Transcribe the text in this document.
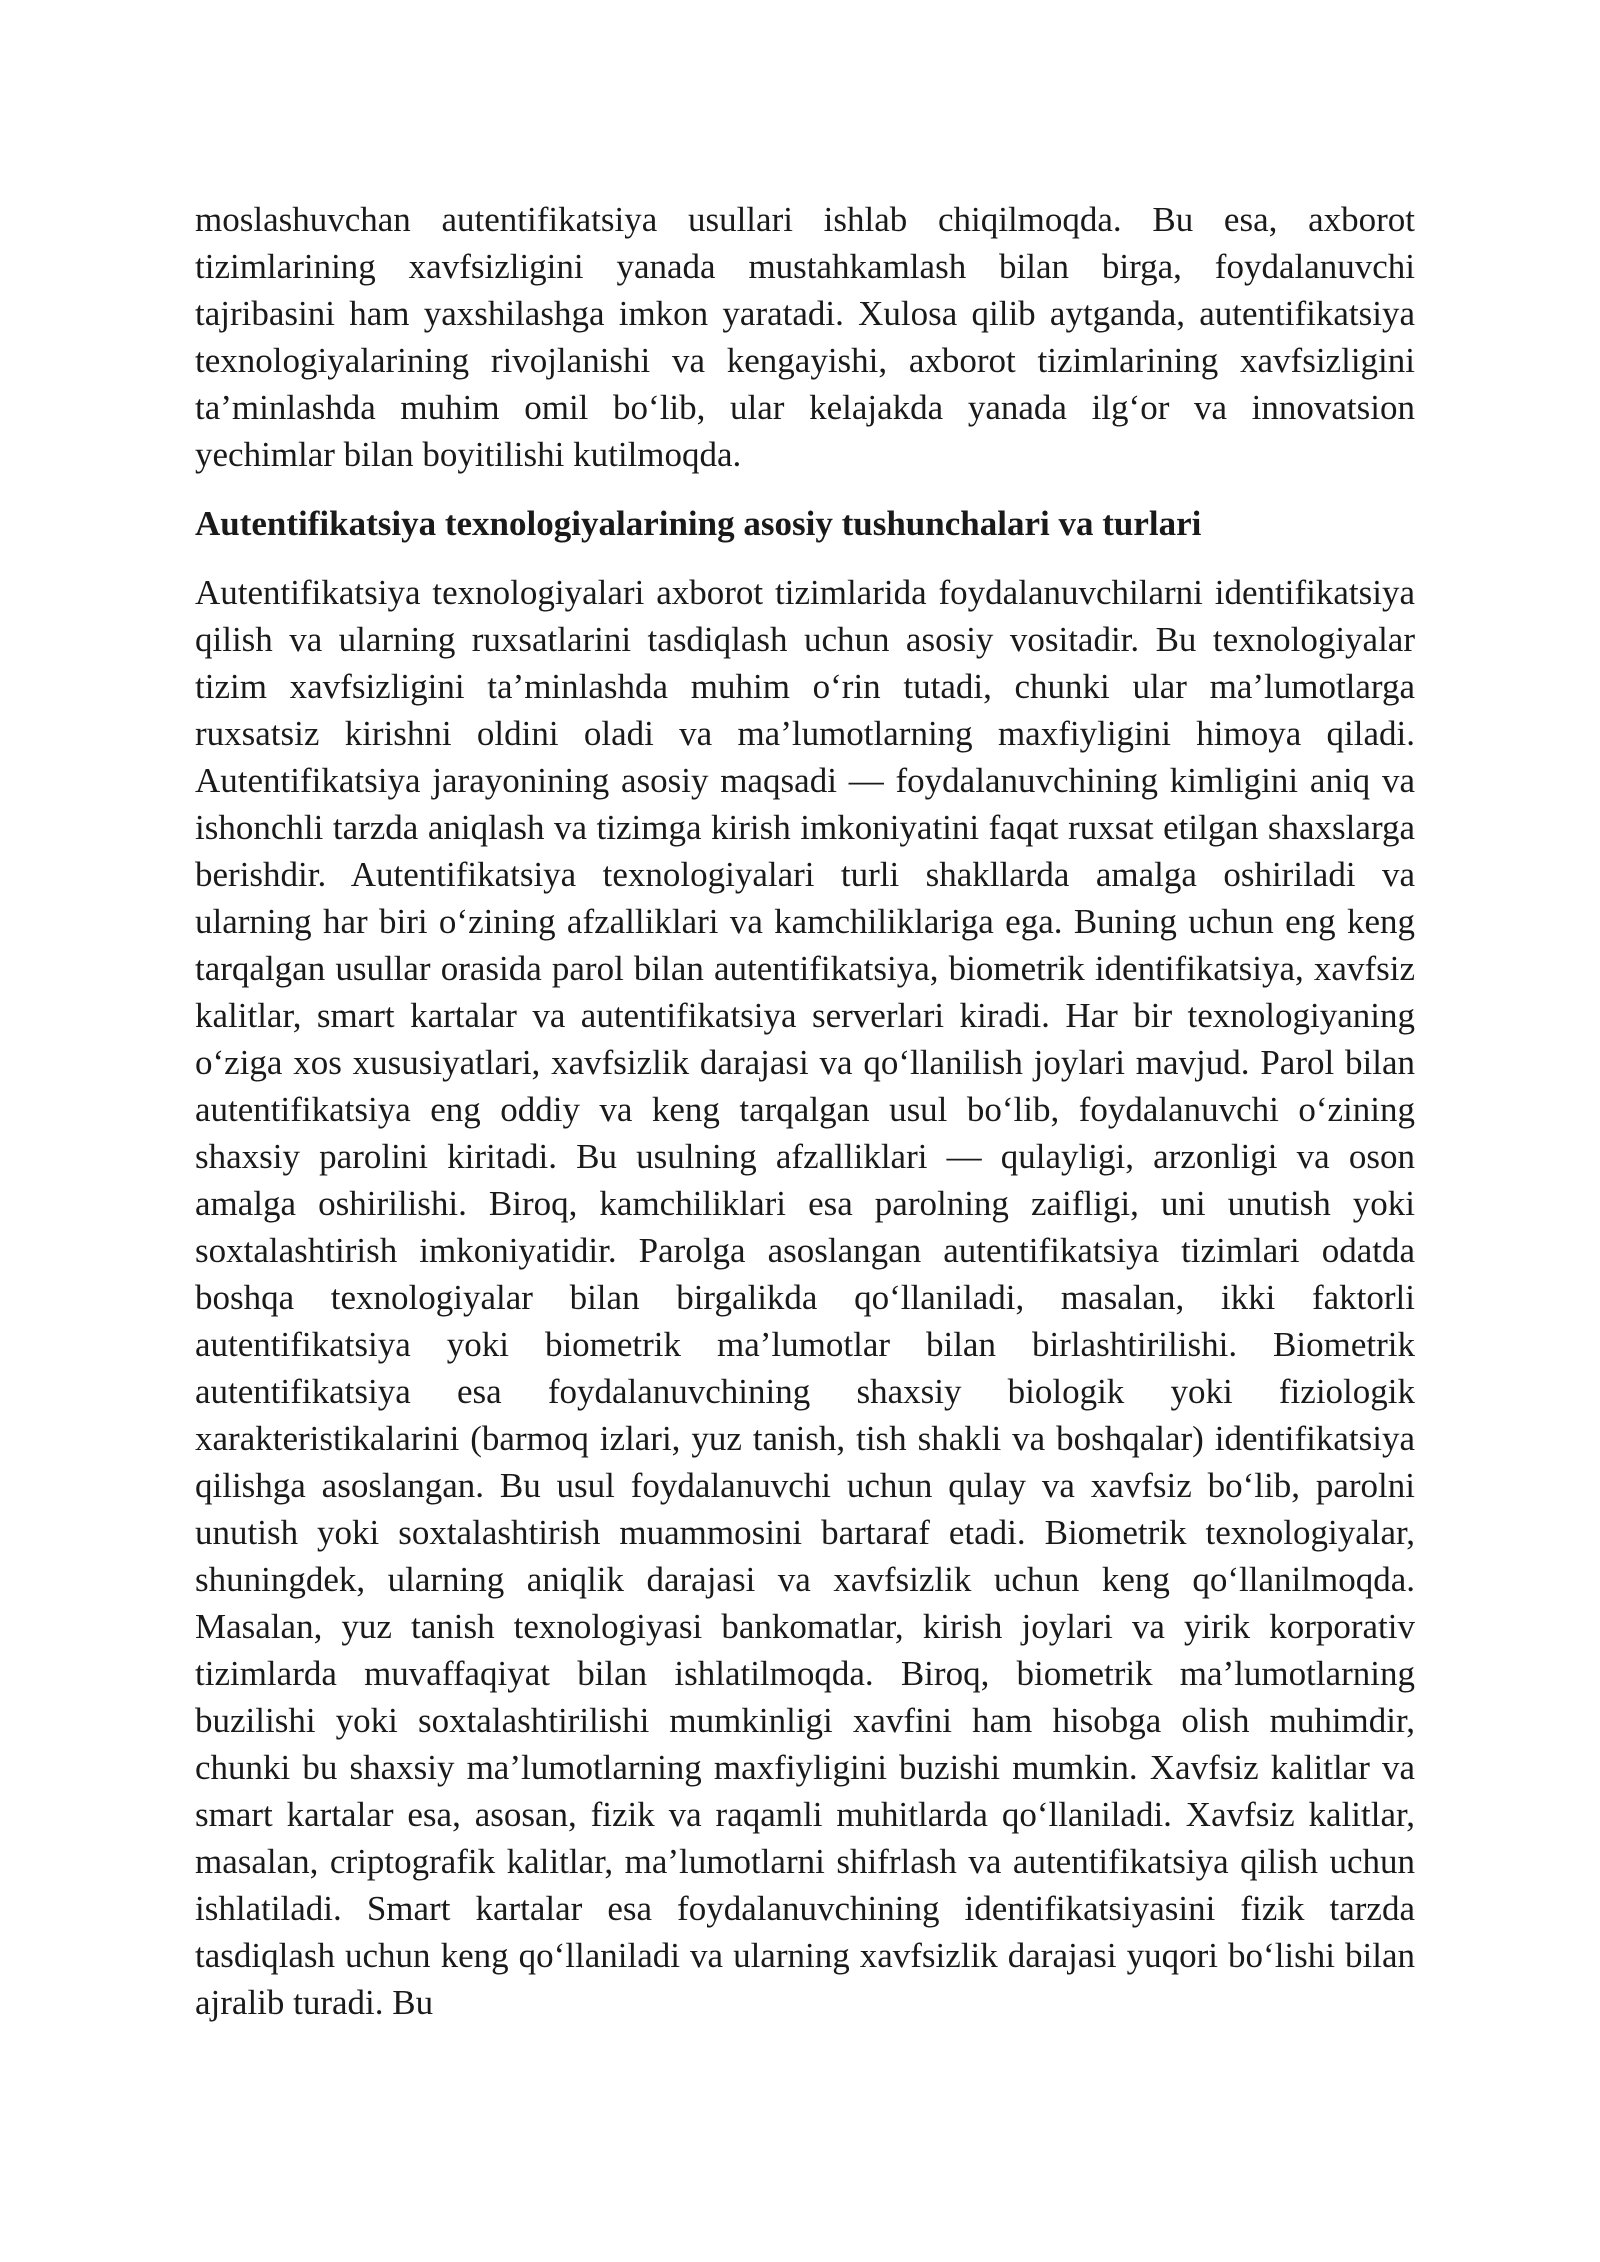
moslashuvchan autentifikatsiya usullari ishlab chiqilmoqda. Bu esa, axborot tizimlarining xavfsizligini yanada mustahkamlash bilan birga, foydalanuvchi tajribasini ham yaxshilashga imkon yaratadi. Xulosa qilib aytganda, autentifikatsiya texnologiyalarining rivojlanishi va kengayishi, axborot tizimlarining xavfsizligini ta’minlashda muhim omil bo‘lib, ular kelajakda yanada ilg‘or va innovatsion yechimlar bilan boyitilishi kutilmoqda.

Autentifikatsiya texnologiyalarining asosiy tushunchalari va turlari

Autentifikatsiya texnologiyalari axborot tizimlarida foydalanuvchilarni identifikatsiya qilish va ularning ruxsatlarini tasdiqlash uchun asosiy vositadir. Bu texnologiyalar tizim xavfsizligini ta’minlashda muhim o‘rin tutadi, chunki ular ma’lumotlarga ruxsatsiz kirishni oldini oladi va ma’lumotlarning maxfiyligini himoya qiladi. Autentifikatsiya jarayonining asosiy maqsadi — foydalanuvchining kimligini aniq va ishonchli tarzda aniqlash va tizimga kirish imkoniyatini faqat ruxsat etilgan shaxslarga berishdir. Autentifikatsiya texnologiyalari turli shakllarda amalga oshiriladi va ularning har biri o‘zining afzalliklari va kamchiliklariga ega. Buning uchun eng keng tarqalgan usullar orasida parol bilan autentifikatsiya, biometrik identifikatsiya, xavfsiz kalitlar, smart kartalar va autentifikatsiya serverlari kiradi. Har bir texnologiyaning o‘ziga xos xususiyatlari, xavfsizlik darajasi va qo‘llanilish joylari mavjud. Parol bilan autentifikatsiya eng oddiy va keng tarqalgan usul bo‘lib, foydalanuvchi o‘zining shaxsiy parolini kiritadi. Bu usulning afzalliklari — qulayligi, arzonligi va oson amalga oshirilishi. Biroq, kamchiliklari esa parolning zaifligi, uni unutish yoki soxtalashtirish imkoniyatidir. Parolga asoslangan autentifikatsiya tizimlari odatda boshqa texnologiyalar bilan birgalikda qo‘llaniladi, masalan, ikki faktorli autentifikatsiya yoki biometrik ma’lumotlar bilan birlashtirilishi. Biometrik autentifikatsiya esa foydalanuvchining shaxsiy biologik yoki fiziologik xarakteristikalarini (barmoq izlari, yuz tanish, tish shakli va boshqalar) identifikatsiya qilishga asoslangan. Bu usul foydalanuvchi uchun qulay va xavfsiz bo‘lib, parolni unutish yoki soxtalashtirish muammosini bartaraf etadi. Biometrik texnologiyalar, shuningdek, ularning aniqlik darajasi va xavfsizlik uchun keng qo‘llanilmoqda. Masalan, yuz tanish texnologiyasi bankomatlar, kirish joylari va yirik korporativ tizimlarda muvaffaqiyat bilan ishlatilmoqda. Biroq, biometrik ma’lumotlarning buzilishi yoki soxtalashtirilishi mumkinligi xavfini ham hisobga olish muhimdir, chunki bu shaxsiy ma’lumotlarning maxfiyligini buzishi mumkin. Xavfsiz kalitlar va smart kartalar esa, asosan, fizik va raqamli muhitlarda qo‘llaniladi. Xavfsiz kalitlar, masalan, criptografik kalitlar, ma’lumotlarni shifrlash va autentifikatsiya qilish uchun ishlatiladi. Smart kartalar esa foydalanuvchining identifikatsiyasini fizik tarzda tasdiqlash uchun keng qo‘llaniladi va ularning xavfsizlik darajasi yuqori bo‘lishi bilan ajralib turadi. Bu
